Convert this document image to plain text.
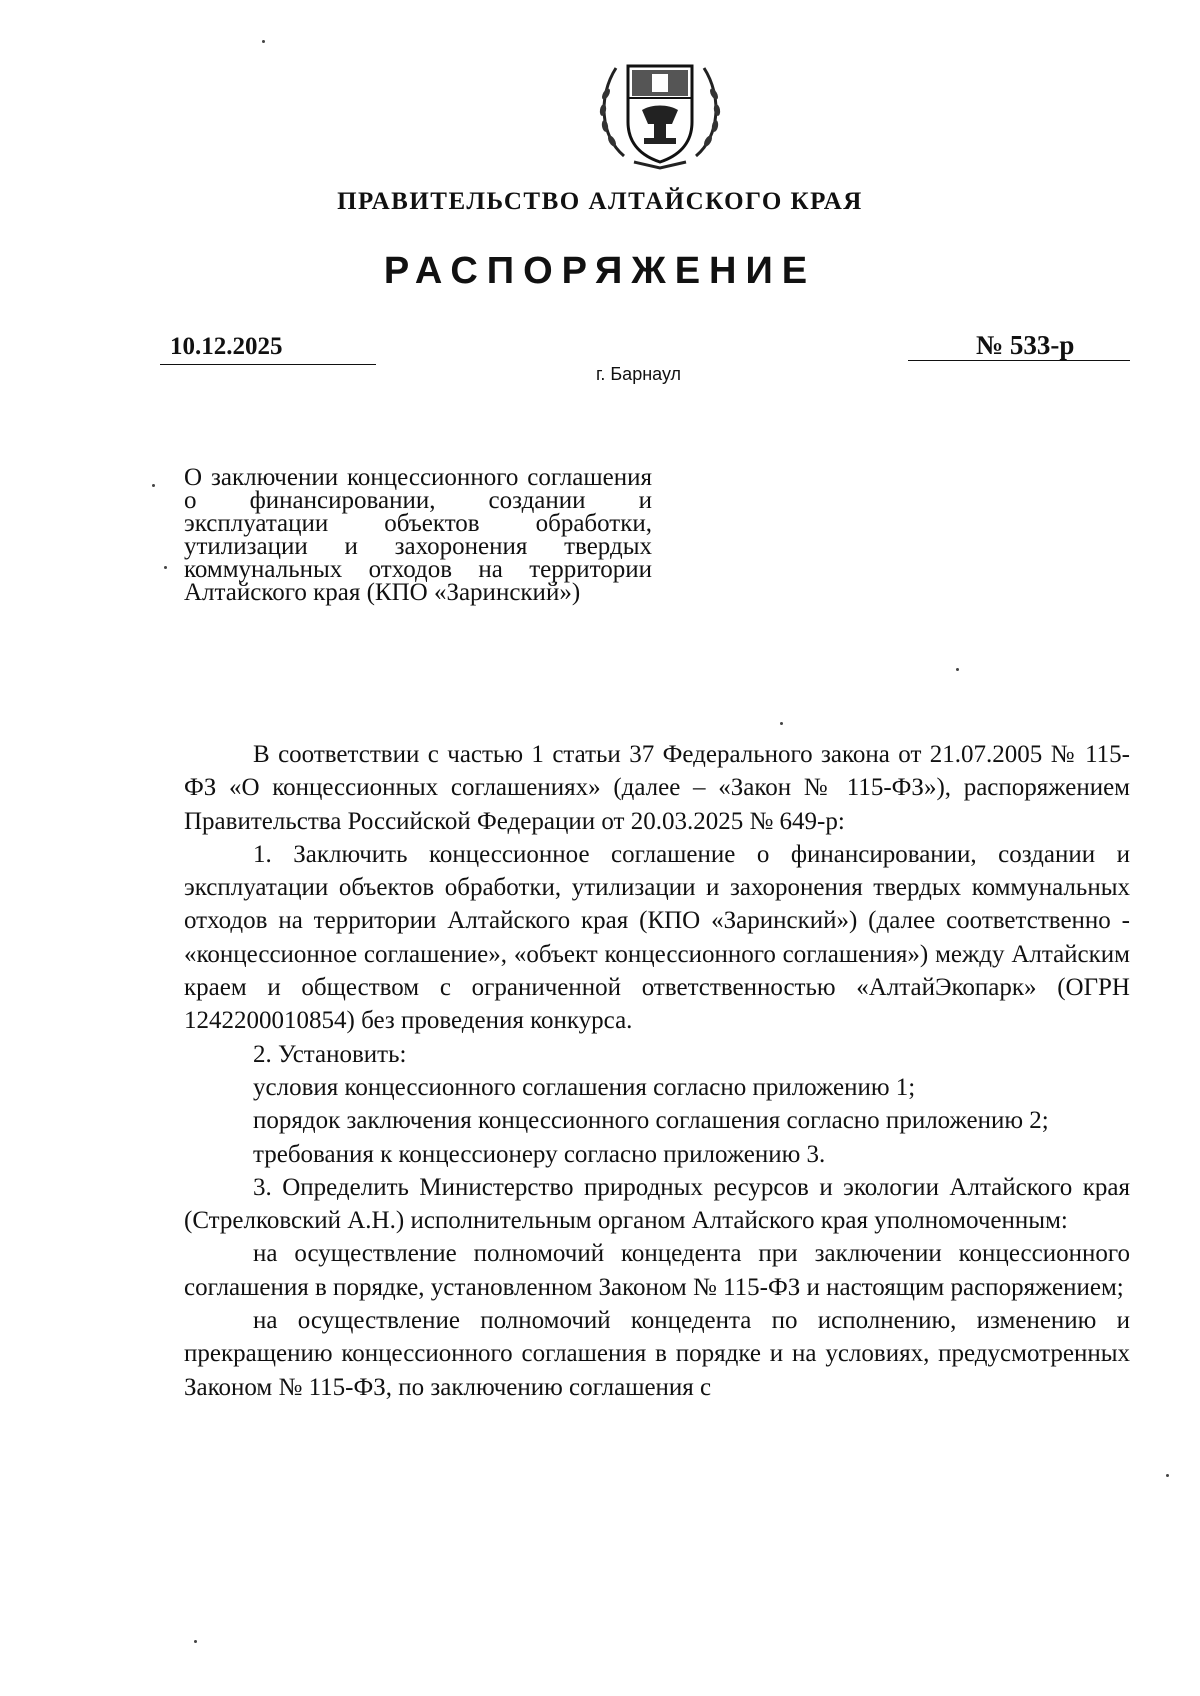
ПРАВИТЕЛЬСТВО АЛТАЙСКОГО КРАЯ
РАСПОРЯЖЕНИЕ
10.12.2025	№ 533-р
г. Барнаул
О заключении концессионного соглашения о финансировании, создании и эксплуатации объектов обработки, утилизации и захоронения твердых коммунальных отходов на территории Алтайского края (КПО «Заринский»)

В соответствии с частью 1 статьи 37 Федерального закона от 21.07.2005 № 115-ФЗ «О концессионных соглашениях» (далее – «Закон № 115-ФЗ»), распоряжением Правительства Российской Федерации от 20.03.2025 № 649-р:

1. Заключить концессионное соглашение о финансировании, создании и эксплуатации объектов обработки, утилизации и захоронения твердых коммунальных отходов на территории Алтайского края (КПО «Заринский») (далее соответственно - «концессионное соглашение», «объект концессионного соглашения») между Алтайским краем и обществом с ограниченной ответственностью «АлтайЭкопарк» (ОГРН 1242200010854) без проведения конкурса.

2. Установить:

условия концессионного соглашения согласно приложению 1;

порядок заключения концессионного соглашения согласно приложению 2;

требования к концессионеру согласно приложению 3.

3. Определить Министерство природных ресурсов и экологии Алтайского края (Стрелковский А.Н.) исполнительным органом Алтайского края уполномоченным:

на осуществление полномочий концедента при заключении концессионного соглашения в порядке, установленном Законом № 115-ФЗ и настоящим распоряжением;

на осуществление полномочий концедента по исполнению, изменению и прекращению концессионного соглашения в порядке и на условиях, предусмотренных Законом № 115-ФЗ, по заключению соглашения с
